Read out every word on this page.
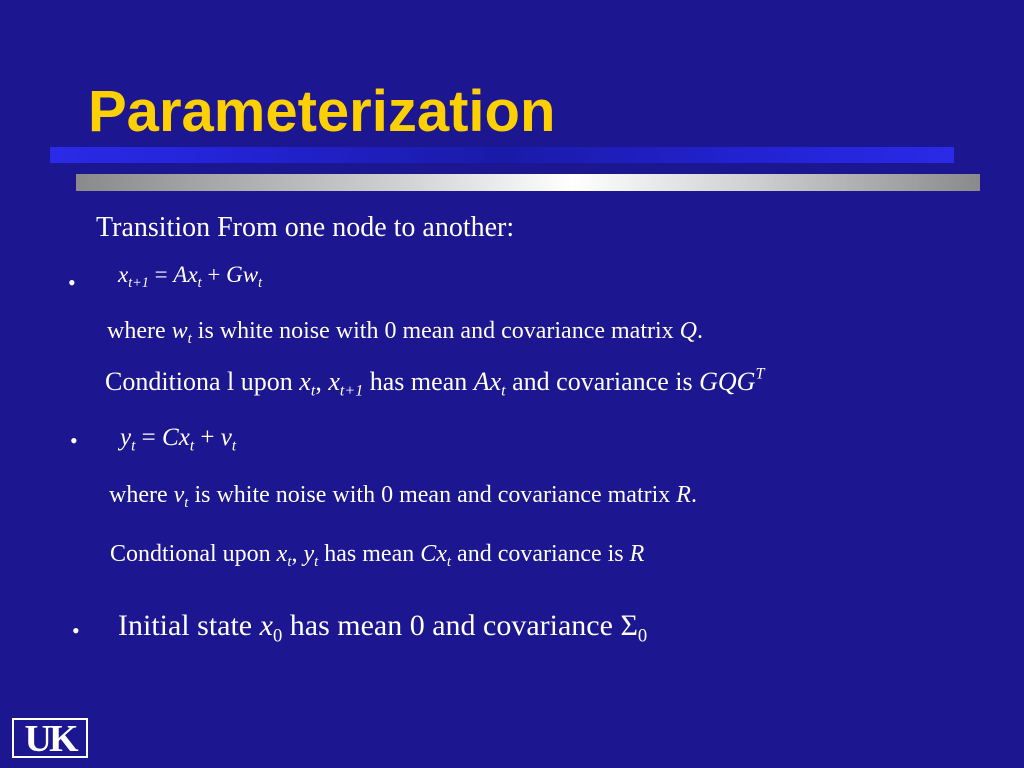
Parameterization
Transition From one node to another:
• $x_{t+1} = Ax_t + Gw_t$
where $w_t$ is white noise with 0 mean and covariance matrix Q.
Conditiona l upon $x_t$, $x_{t+1}$ has mean $Ax_t$ and covariance is $GQG^T$
• $y_t = Cx_t + v_t$
where $v_t$ is white noise with 0 mean and covariance matrix R.
Condtional upon $x_t$, $y_t$ has mean $Cx_t$ and covariance is R
• Initial state $x_0$ has mean 0 and covariance $\Sigma_0$
UK
